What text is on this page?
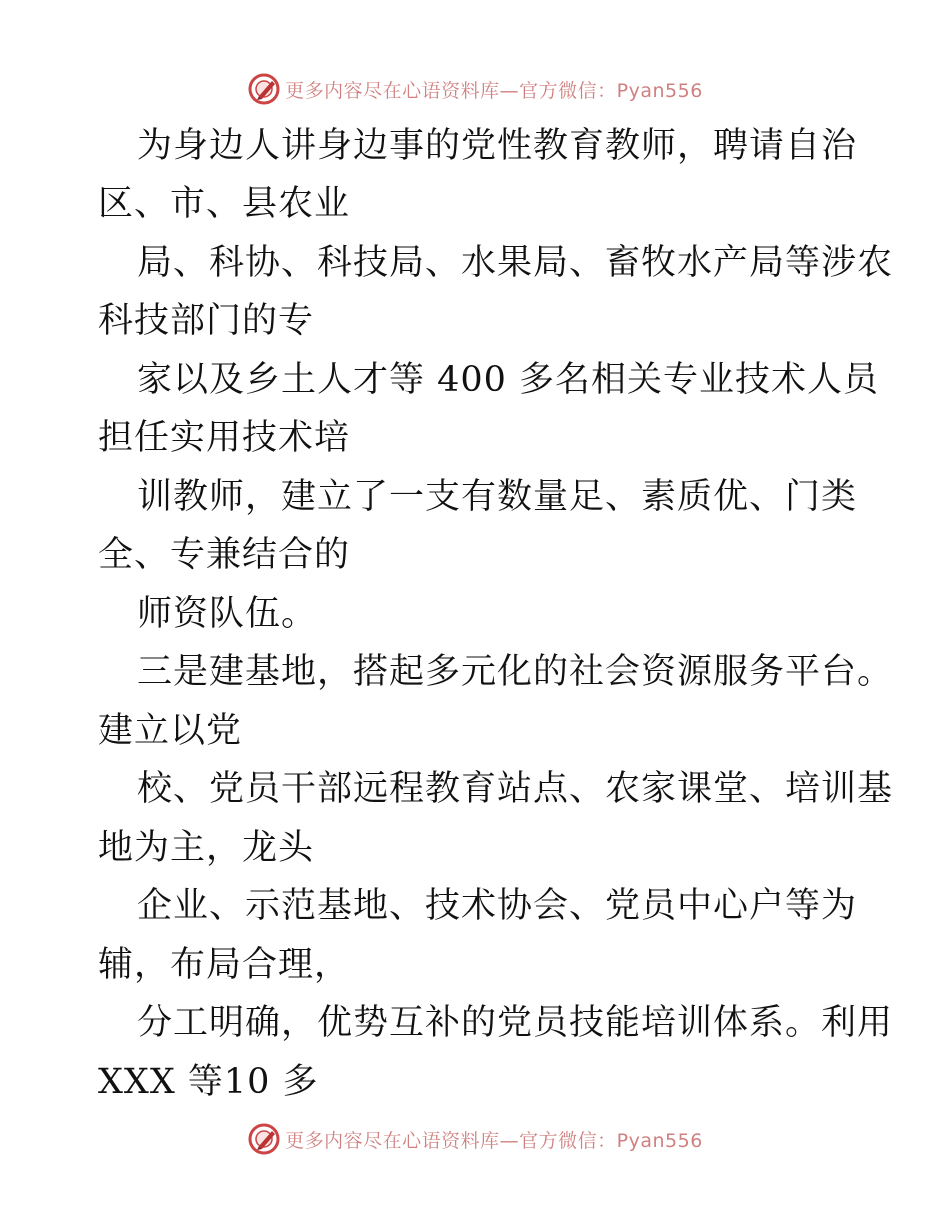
更多内容尽在心语资料库—官方微信：Pyan556
为身边人讲身边事的党性教育教师，聘请自治
区、市、县农业
局、科协、科技局、水果局、畜牧水产局等涉农
科技部门的专
家以及乡土人才等 400 多名相关专业技术人员
担任实用技术培
训教师，建立了一支有数量足、素质优、门类
全、专兼结合的
师资队伍。
三是建基地，搭起多元化的社会资源服务平台。
建立以党
校、党员干部远程教育站点、农家课堂、培训基
地为主，龙头
企业、示范基地、技术协会、党员中心户等为
辅，布局合理，
分工明确，优势互补的党员技能培训体系。利用
XXX 等10 多
更多内容尽在心语资料库—官方微信：Pyan556
